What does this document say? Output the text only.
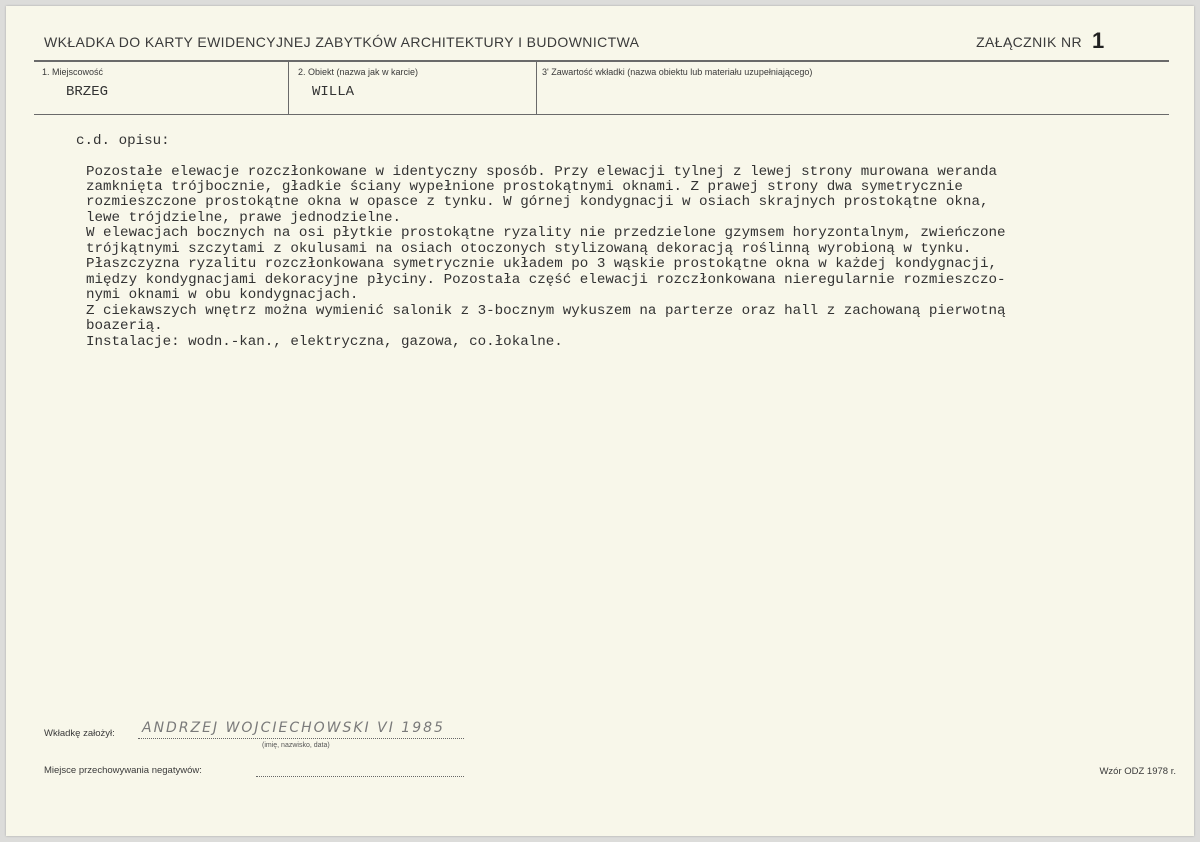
WKŁADKA DO KARTY EWIDENCYJNEJ ZABYTKÓW ARCHITEKTURY I BUDOWNICTWA	ZAŁĄCZNIK NR 1
1. Miejscowość
BRZEG
2. Obiekt (nazwa jak w karcie)
WILLA
3' Zawartość wkładki (nazwa obiektu lub materiału uzupełniającego)
c.d. opisu:
Pozostałe elewacje rozczłonkowane w identyczny sposób. Przy elewacji tylnej z lewej strony murowana weranda
zamknięta trójbocznie, gładkie ściany wypełnione prostokątnymi oknami. Z prawej strony dwa symetrycznie
rozmieszczone prostokątne okna w opasce z tynku. W górnej kondygnacji w osiach skrajnych prostokątne okna,
lewe trójdzielne, prawe jednodzielne.
W elewacjach bocznych na osi płytkie prostokątne ryzality nie przedzielone gzymsem horyzontalnym, zwieńczone
trójkątnymi szczytami z okulusami na osiach otoczonych stylizowaną dekoracją roślinną wyrobioną w tynku.
Płaszczyzna ryzalitu rozczłonkowana symetrycznie układem po 3 wąskie prostokątne okna w każdej kondygnacji,
między kondygnacjami dekoracyjne płyciny. Pozostała część elewacji rozczłonkowana nieregularnie rozmieszczo-
nymi oknami w obu kondygnacjach.
Z ciekawszych wnętrz można wymienić salonik z 3-bocznym wykuszem na parterze oraz hall z zachowaną pierwotną
boazerią.
Instalacje: wodn.-kan., elektryczna, gazowa, co.łokalne.
Wkładkę założył: ANDRZEJ WOJCIECHOWSKI VI 1985
(imię, nazwisko, data)
Miejsce przechowywania negatywów:	Wzór ODZ 1978 r.
